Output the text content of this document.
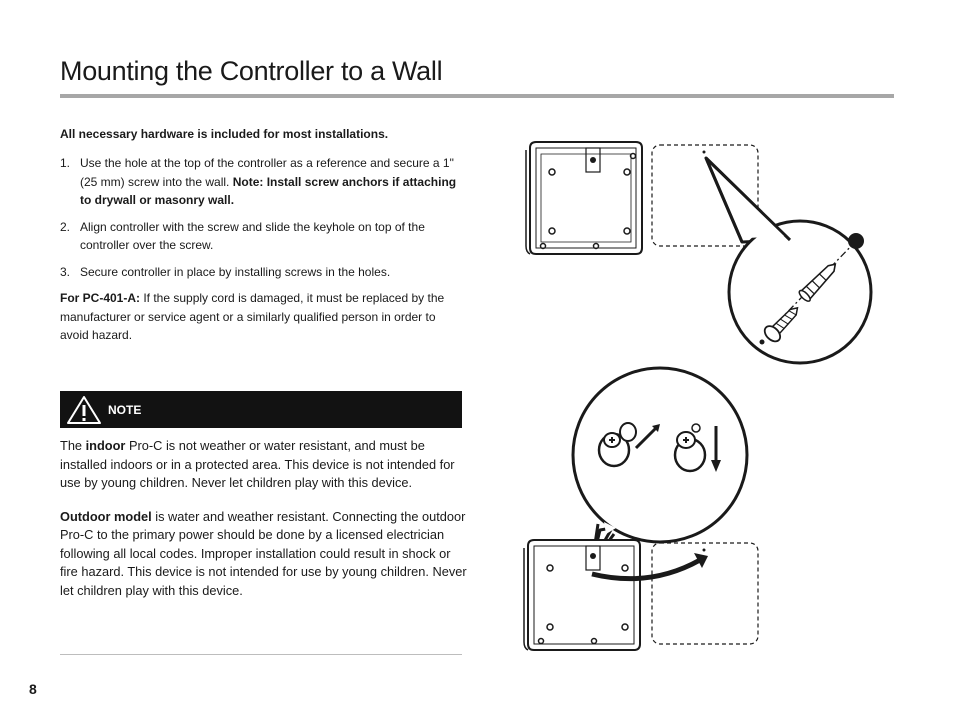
Mounting the Controller to a Wall

All necessary hardware is included for most installations.

1. Use the hole at the top of the controller as a reference and secure a 1" (25 mm) screw into the wall. Note: Install screw anchors if attaching to drywall or masonry wall.
2. Align controller with the screw and slide the keyhole on top of the controller over the screw.
3. Secure controller in place by installing screws in the holes.

For PC-401-A: If the supply cord is damaged, it must be replaced by the manufacturer or service agent or a similarly qualified person in order to avoid hazard.

NOTE

The indoor Pro-C is not weather or water resistant, and must be installed indoors or in a protected area. This device is not intended for use by young children. Never let children play with this device.

Outdoor model is water and weather resistant. Connecting the outdoor Pro-C to the primary power should be done by a licensed electrician following all local codes. Improper installation could result in shock or fire hazard. This device is not intended for use by young children. Never let children play with this device.

8
